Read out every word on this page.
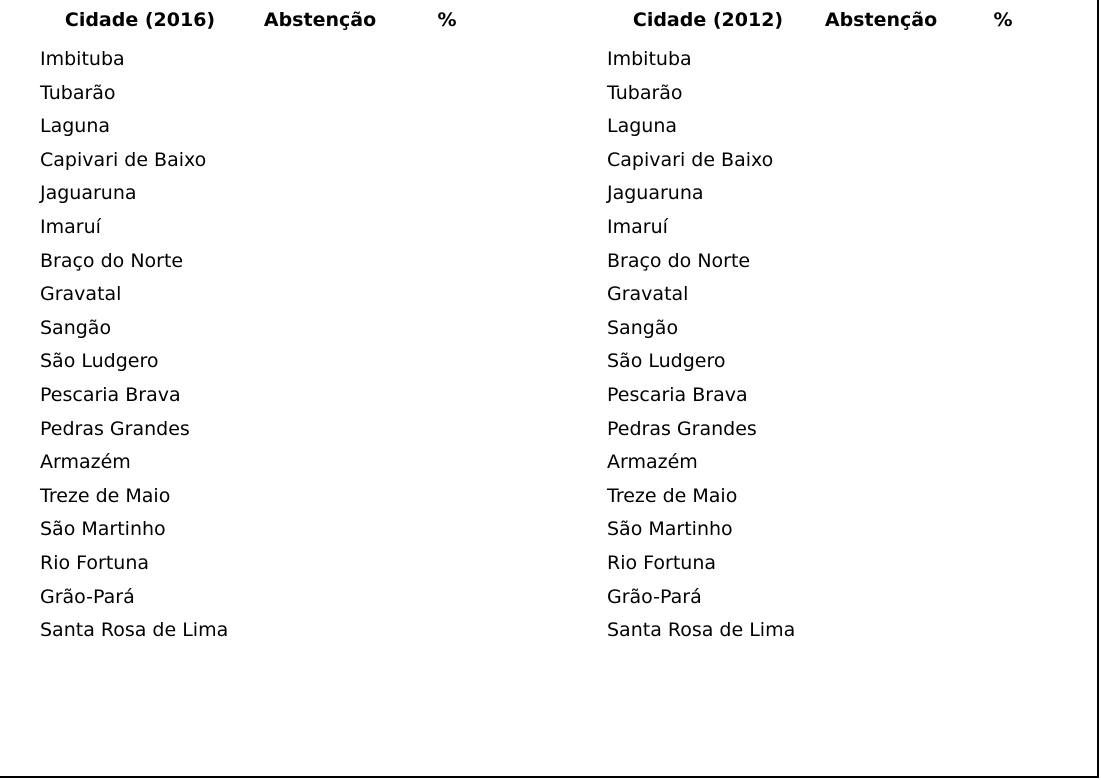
Cidade (2016)	Abstenção	%
Imbituba
Tubarão
Laguna
Capivari de Baixo
Jaguaruna
Imaruí
Braço do Norte
Gravatal
Sangão
São Ludgero
Pescaria Brava
Pedras Grandes
Armazém
Treze de Maio
São Martinho
Rio Fortuna
Grão-Pará
Santa Rosa de Lima
Cidade (2012)	Abstenção	%
Imbituba
Tubarão
Laguna
Capivari de Baixo
Jaguaruna
Imaruí
Braço do Norte
Gravatal
Sangão
São Ludgero
Pescaria Brava
Pedras Grandes
Armazém
Treze de Maio
São Martinho
Rio Fortuna
Grão-Pará
Santa Rosa de Lima
